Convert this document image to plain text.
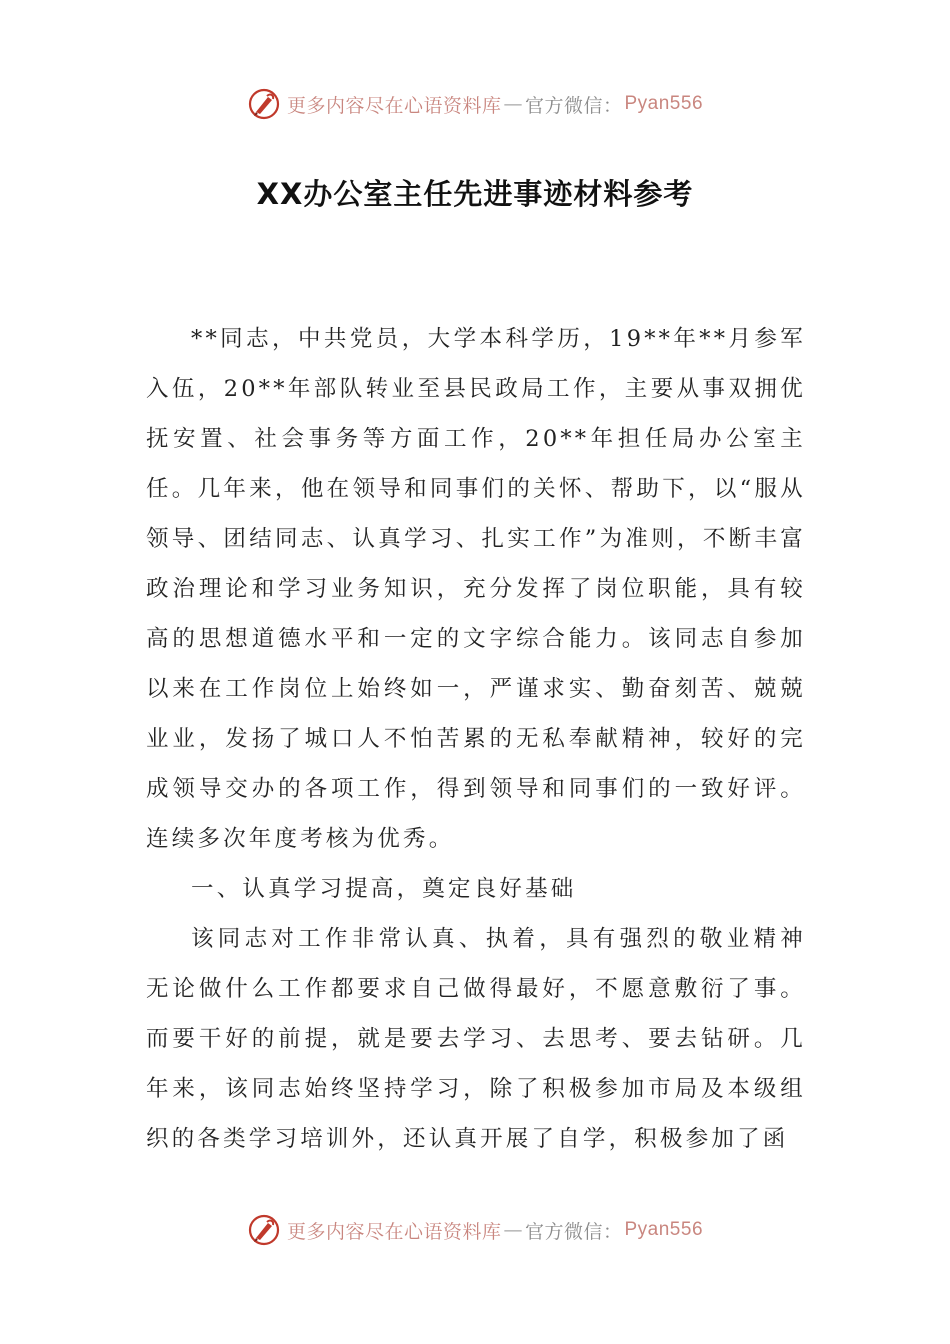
更多内容尽在心语资料库 — 官方微信： Pyan556
XX办公室主任先进事迹材料参考

**同志，中共党员，大学本科学历，19**年**月参军入伍，20**年部队转业至县民政局工作，主要从事双拥优抚安置、社会事务等方面工作，20**年担任局办公室主任。几年来，他在领导和同事们的关怀、帮助下，以“服从领导、团结同志、认真学习、扎实工作”为准则，不断丰富政治理论和学习业务知识，充分发挥了岗位职能，具有较高的思想道德水平和一定的文字综合能力。该同志自参加以来在工作岗位上始终如一，严谨求实、勤奋刻苦、兢兢业业，发扬了城口人不怕苦累的无私奉献精神，较好的完成领导交办的各项工作，得到领导和同事们的一致好评。连续多次年度考核为优秀。

一、认真学习提高，奠定良好基础

该同志对工作非常认真、执着，具有强烈的敬业精神无论做什么工作都要求自己做得最好，不愿意敷衍了事。而要干好的前提，就是要去学习、去思考、要去钻研。几年来，该同志始终坚持学习，除了积极参加市局及本级组织的各类学习培训外，还认真开展了自学，积极参加了函

更多内容尽在心语资料库 — 官方微信： Pyan556
